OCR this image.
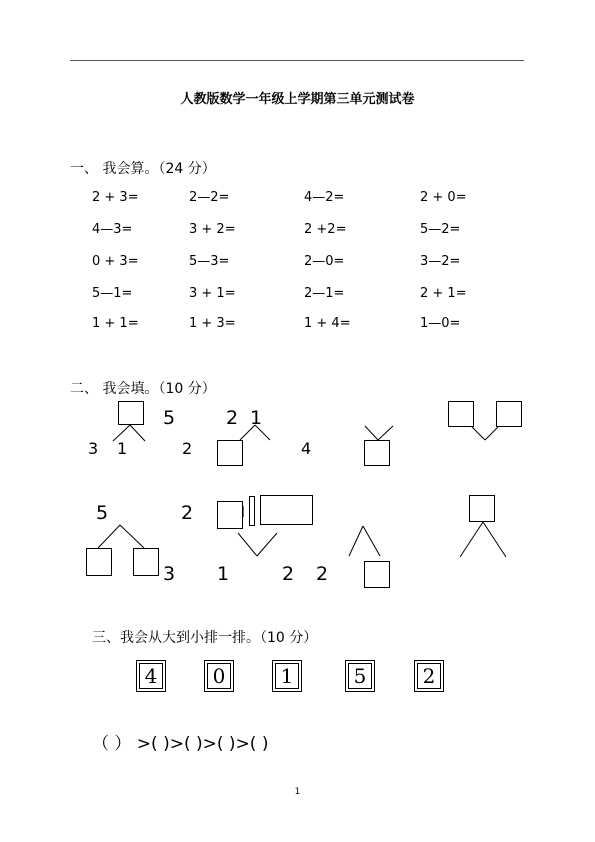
人教版数学一年级上学期第三单元测试卷
一、 我会算。（24 分）
2 + 3=	2—2=	4—2=	2 + 0=
4—3=	3 + 2=	2 +2=	5—2=
0 + 3=	5—3=	2—0=	3—2=
5—1=	3 + 1=	2—1=	2 + 1=
1 + 1=	1 + 3=	1 + 4=	1—0=
二、 我会填。（10 分）
3 1
5
2
2 1
4
5
3
2	l
1	2 2
三、我会从大到小排一排。（10 分）
4	0	1	5	2
（ ） >( )>( )>( )>( )
1
